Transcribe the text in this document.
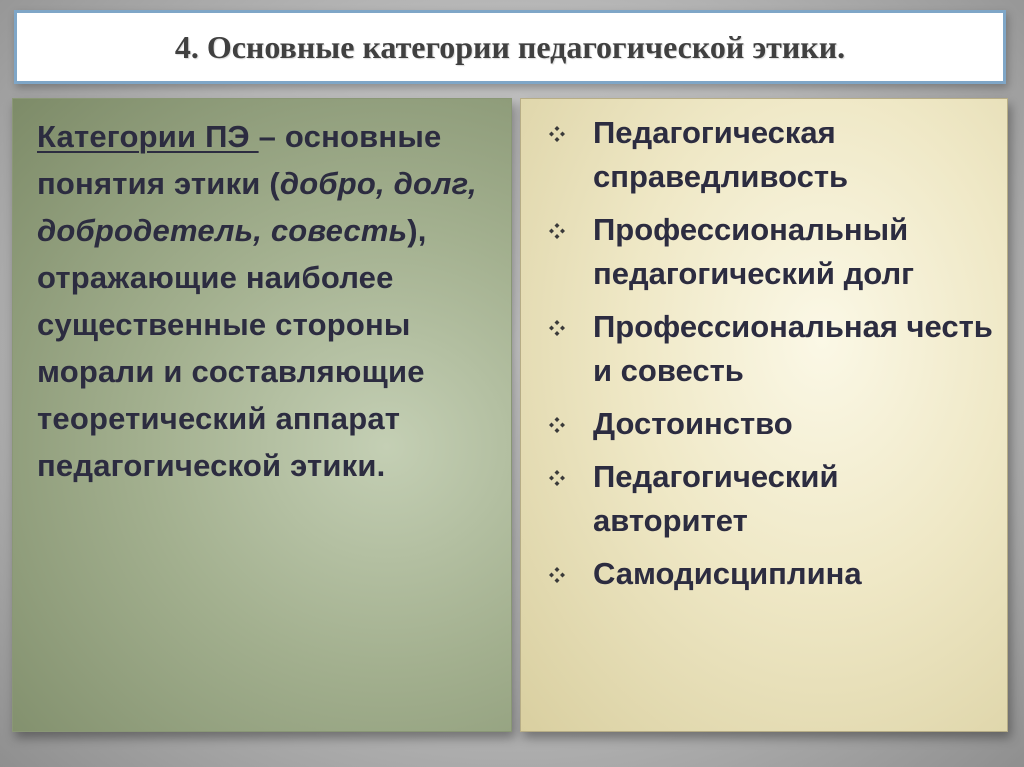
4. Основные категории педагогической этики.
Категории ПЭ – основные понятия этики (добро, долг, добродетель, совесть), отражающие наиболее существенные стороны морали и составляющие теоретический аппарат педагогической этики.
Педагогическая справедливость
Профессиональный педагогический долг
Профессиональная честь и совесть
Достоинство
Педагогический авторитет
Самодисциплина
